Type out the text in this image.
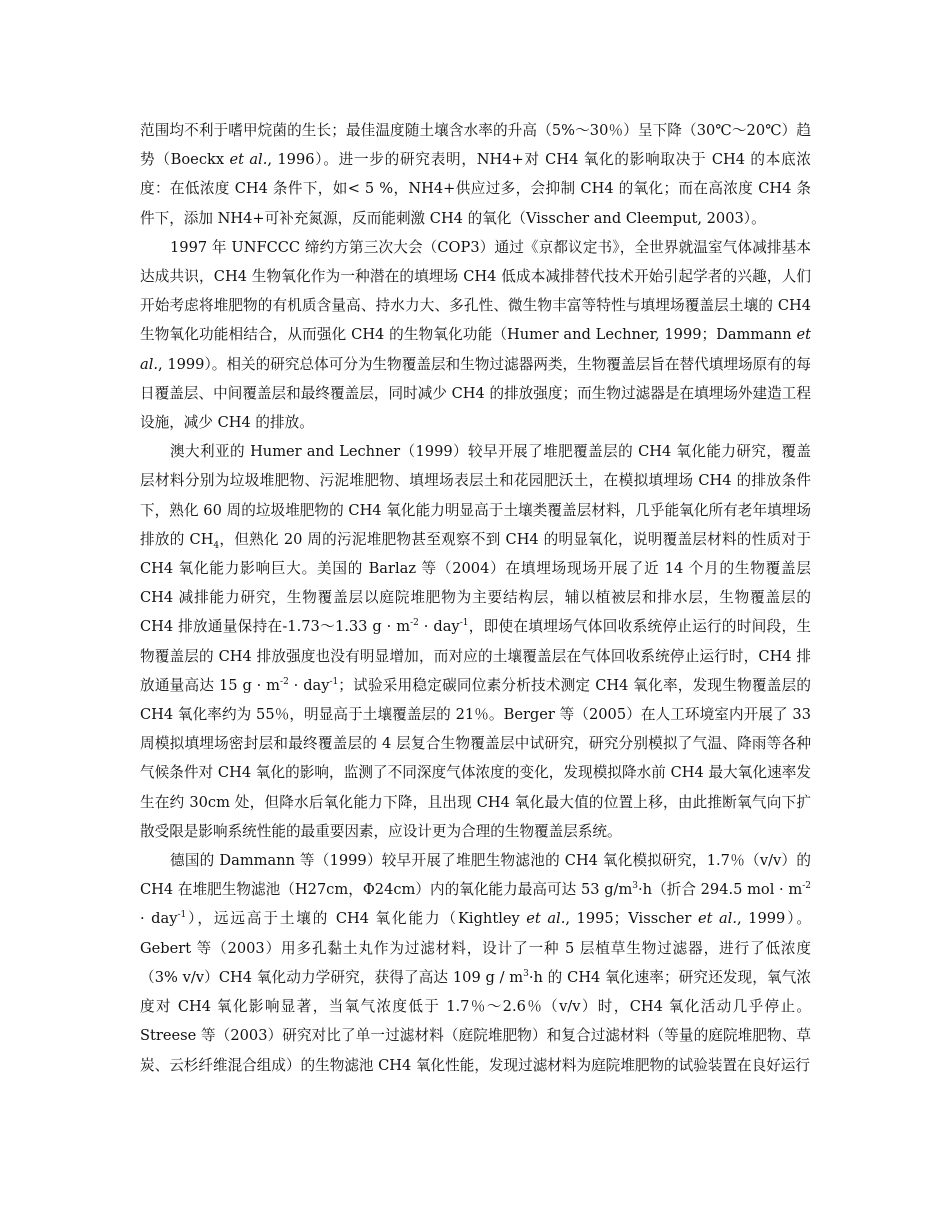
范围均不利于嗜甲烷菌的生长；最佳温度随土壤含水率的升高（5%～30％）呈下降（30℃～20℃）趋势（Boeckx et al., 1996）。进一步的研究表明，NH4+对 CH4 氧化的影响取决于 CH4 的本底浓度：在低浓度 CH4 条件下，如< 5 %，NH4+供应过多，会抑制 CH4 的氧化；而在高浓度 CH4 条件下，添加 NH4+可补充氮源，反而能刺激 CH4 的氧化（Visscher and Cleemput, 2003）。

1997 年 UNFCCC 缔约方第三次大会（COP3）通过《京都议定书》，全世界就温室气体减排基本达成共识，CH4 生物氧化作为一种潜在的填埋场 CH4 低成本减排替代技术开始引起学者的兴趣，人们开始考虑将堆肥物的有机质含量高、持水力大、多孔性、微生物丰富等特性与填埋场覆盖层土壤的 CH4 生物氧化功能相结合，从而强化 CH4 的生物氧化功能（Humer and Lechner, 1999；Dammann et al., 1999）。相关的研究总体可分为生物覆盖层和生物过滤器两类，生物覆盖层旨在替代填埋场原有的每日覆盖层、中间覆盖层和最终覆盖层，同时减少 CH4 的排放强度；而生物过滤器是在填埋场外建造工程设施，减少 CH4 的排放。

澳大利亚的 Humer and Lechner（1999）较早开展了堆肥覆盖层的 CH4 氧化能力研究，覆盖层材料分别为垃圾堆肥物、污泥堆肥物、填埋场表层土和花园肥沃土，在模拟填埋场 CH4 的排放条件下，熟化 60 周的垃圾堆肥物的 CH4 氧化能力明显高于土壤类覆盖层材料，几乎能氧化所有老年填埋场排放的 $CH_4$，但熟化 20 周的污泥堆肥物甚至观察不到 CH4 的明显氧化，说明覆盖层材料的性质对于 CH4 氧化能力影响巨大。美国的 Barlaz 等（2004）在填埋场现场开展了近 14 个月的生物覆盖层 CH4 减排能力研究，生物覆盖层以庭院堆肥物为主要结构层，辅以植被层和排水层，生物覆盖层的 CH4 排放通量保持在-1.73～1.33 $g \cdot m^{-2} \cdot day^{-1}$，即使在填埋场气体回收系统停止运行的时间段，生物覆盖层的 CH4 排放强度也没有明显增加，而对应的土壤覆盖层在气体回收系统停止运行时，CH4 排放通量高达 15 $g \cdot m^{-2} \cdot day^{-1}$；试验采用稳定碳同位素分析技术测定 CH4 氧化率，发现生物覆盖层的 CH4 氧化率约为 55％，明显高于土壤覆盖层的 21％。Berger 等（2005）在人工环境室内开展了 33 周模拟填埋场密封层和最终覆盖层的 4 层复合生物覆盖层中试研究，研究分别模拟了气温、降雨等各种气候条件对 CH4 氧化的影响，监测了不同深度气体浓度的变化，发现模拟降水前 CH4 最大氧化速率发生在约 30cm 处，但降水后氧化能力下降，且出现 CH4 氧化最大值的位置上移，由此推断氧气向下扩散受限是影响系统性能的最重要因素，应设计更为合理的生物覆盖层系统。

德国的 Dammann 等（1999）较早开展了堆肥生物滤池的 CH4 氧化模拟研究，1.7％（v/v）的 CH4 在堆肥生物滤池（H27cm，Φ24cm）内的氧化能力最高可达 53 $g/m^3\cdot h$（折合 294.5 mol · $m^{-2} \cdot day^{-1}$），远远高于土壤的 CH4 氧化能力（Kightley et al., 1995；Visscher et al., 1999）。Gebert 等（2003）用多孔黏土丸作为过滤材料，设计了一种 5 层植草生物过滤器，进行了低浓度（3% v/v）CH4 氧化动力学研究，获得了高达 109 $g / m^3\cdot h$ 的 CH4 氧化速率；研究还发现，氧气浓度对 CH4 氧化影响显著，当氧气浓度低于 1.7％～2.6％（v/v）时，CH4 氧化活动几乎停止。Streese 等（2003）研究对比了单一过滤材料（庭院堆肥物）和复合过滤材料（等量的庭院堆肥物、草炭、云杉纤维混合组成）的生物滤池 CH4 氧化性能，发现过滤材料为庭院堆肥物的试验装置在良好运行
